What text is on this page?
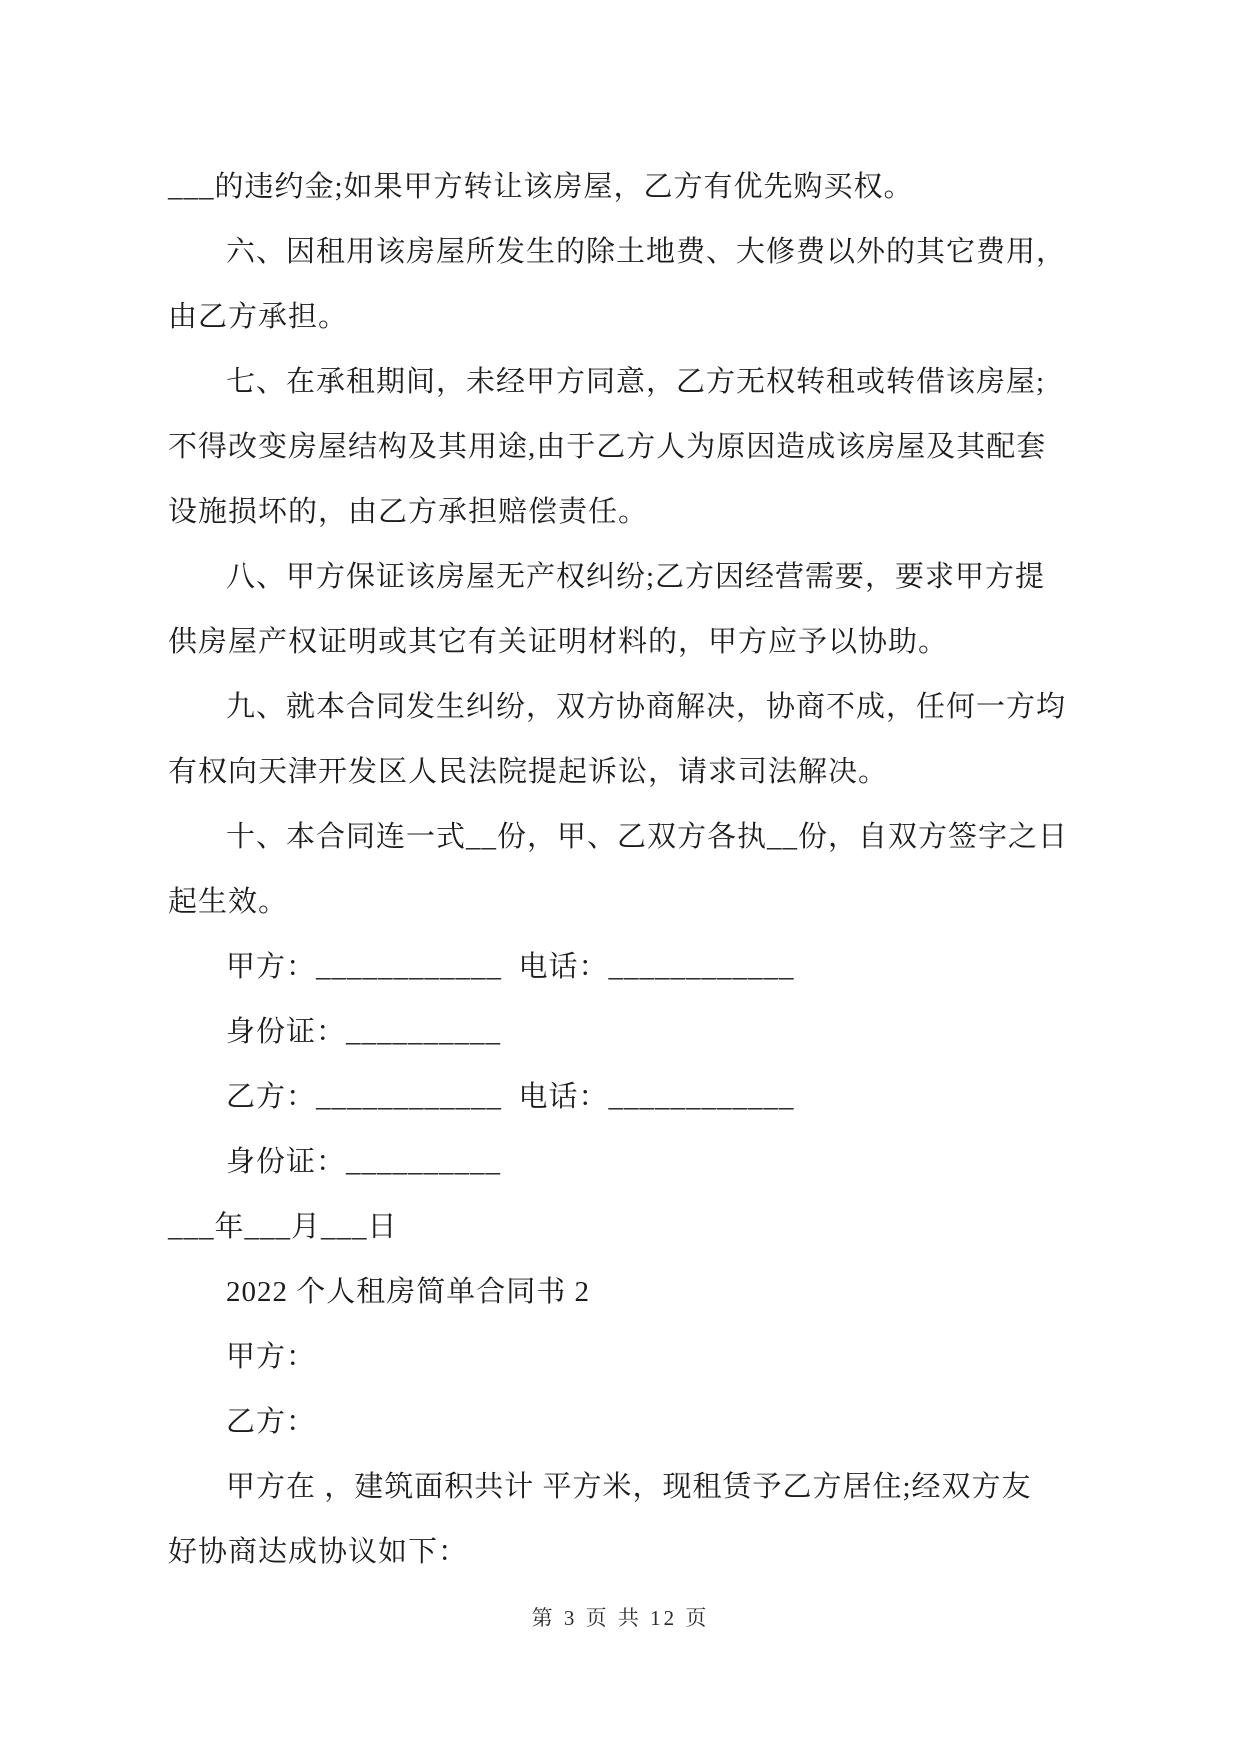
___的违约金;如果甲方转让该房屋，乙方有优先购买权。
六、因租用该房屋所发生的除土地费、大修费以外的其它费用，
由乙方承担。
七、在承租期间，未经甲方同意，乙方无权转租或转借该房屋;
不得改变房屋结构及其用途,由于乙方人为原因造成该房屋及其配套
设施损坏的，由乙方承担赔偿责任。
八、甲方保证该房屋无产权纠纷;乙方因经营需要，要求甲方提
供房屋产权证明或其它有关证明材料的，甲方应予以协助。
九、就本合同发生纠纷，双方协商解决，协商不成，任何一方均
有权向天津开发区人民法院提起诉讼，请求司法解决。
十、本合同连一式__份，甲、乙双方各执__份，自双方签字之日
起生效。
甲方：____________  电话：____________
身份证：__________
乙方：____________  电话：____________
身份证：__________
___年___月___日
2022 个人租房简单合同书 2
甲方：
乙方：
甲方在 ，建筑面积共计 平方米，现租赁予乙方居住;经双方友
好协商达成协议如下：
第 3 页 共 12 页
